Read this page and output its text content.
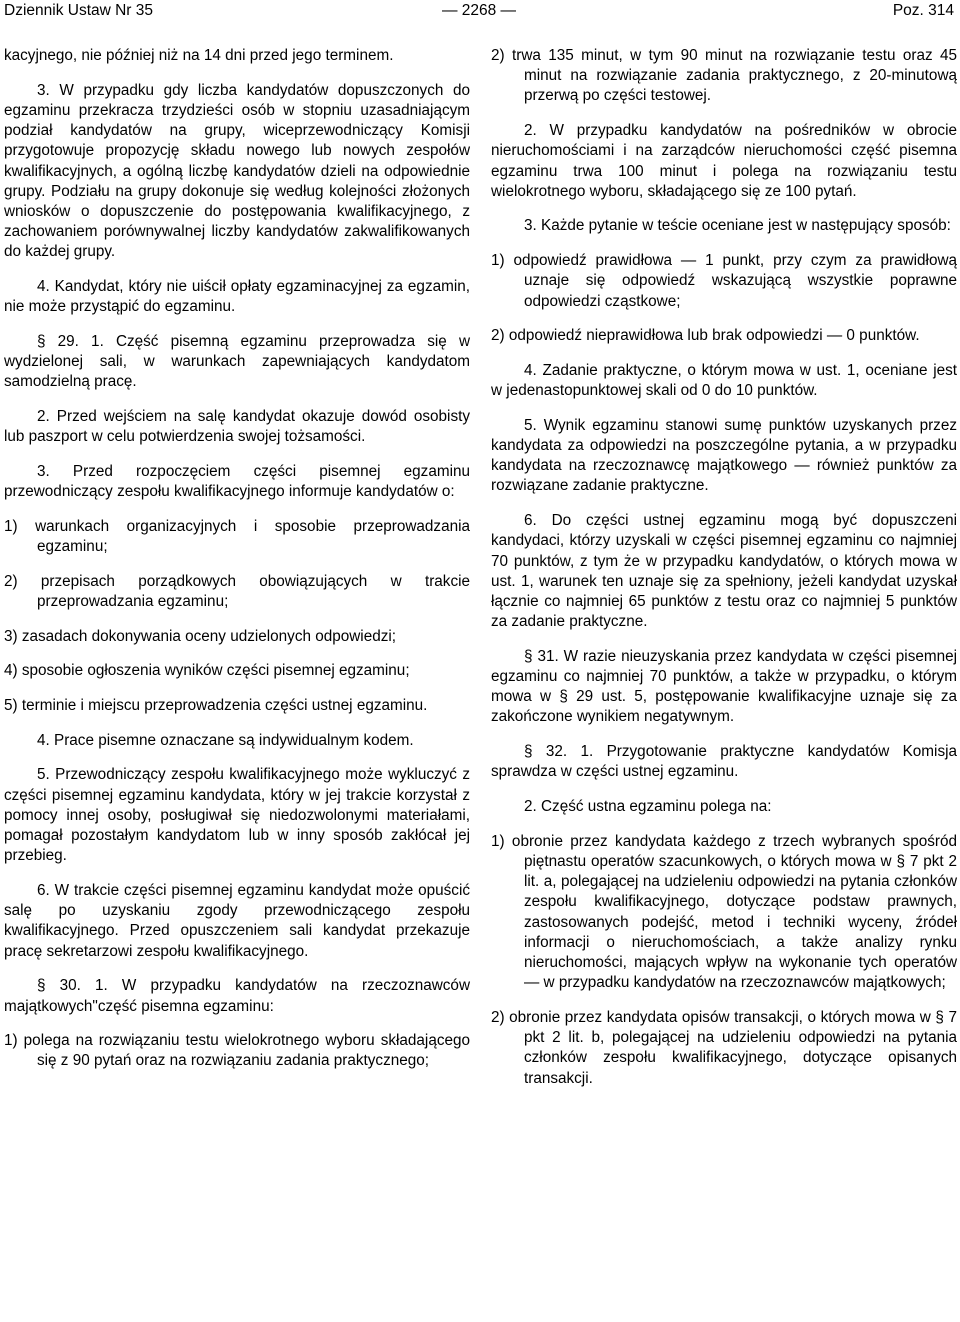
Dziennik Ustaw Nr 35	— 2268 —	Poz. 314

kacyjnego, nie później niż na 14 dni przed jego terminem.

3. W przypadku gdy liczba kandydatów dopuszczonych do egzaminu przekracza trzydzieści osób w stopniu uzasadniającym podział kandydatów na grupy, wiceprzewodniczący Komisji przygotowuje propozycję składu nowego lub nowych zespołów kwalifikacyjnych, a ogólną liczbę kandydatów dzieli na odpowiednie grupy. Podziału na grupy dokonuje się według kolejności złożonych wniosków o dopuszczenie do postępowania kwalifikacyjnego, z zachowaniem porównywalnej liczby kandydatów zakwalifikowanych do każdej grupy.

4. Kandydat, który nie uiścił opłaty egzaminacyjnej za egzamin, nie może przystąpić do egzaminu.

§ 29. 1. Część pisemną egzaminu przeprowadza się w wydzielonej sali, w warunkach zapewniających kandydatom samodzielną pracę.

2. Przed wejściem na salę kandydat okazuje dowód osobisty lub paszport w celu potwierdzenia swojej tożsamości.

3. Przed rozpoczęciem części pisemnej egzaminu przewodniczący zespołu kwalifikacyjnego informuje kandydatów o:

1) warunkach organizacyjnych i sposobie przeprowadzania egzaminu;

2) przepisach porządkowych obowiązujących w trakcie przeprowadzania egzaminu;

3) zasadach dokonywania oceny udzielonych odpowiedzi;

4) sposobie ogłoszenia wyników części pisemnej egzaminu;

5) terminie i miejscu przeprowadzenia części ustnej egzaminu.

4. Prace pisemne oznaczane są indywidualnym kodem.

5. Przewodniczący zespołu kwalifikacyjnego może wykluczyć z części pisemnej egzaminu kandydata, który w jej trakcie korzystał z pomocy innej osoby, posługiwał się niedozwolonymi materiałami, pomagał pozostałym kandydatom lub w inny sposób zakłócał jej przebieg.

6. W trakcie części pisemnej egzaminu kandydat może opuścić salę po uzyskaniu zgody przewodniczącego zespołu kwalifikacyjnego. Przed opuszczeniem sali kandydat przekazuje pracę sekretarzowi zespołu kwalifikacyjnego.

§ 30. 1. W przypadku kandydatów na rzeczoznawców majątkowych"część pisemna egzaminu:

1) polega na rozwiązaniu testu wielokrotnego wyboru składającego się z 90 pytań oraz na rozwiązaniu zadania praktycznego;

2) trwa 135 minut, w tym 90 minut na rozwiązanie testu oraz 45 minut na rozwiązanie zadania praktycznego, z 20-minutową przerwą po części testowej.

2. W przypadku kandydatów na pośredników w obrocie nieruchomościami i na zarządców nieruchomości część pisemna egzaminu trwa 100 minut i polega na rozwiązaniu testu wielokrotnego wyboru, składającego się ze 100 pytań.

3. Każde pytanie w teście oceniane jest w następujący sposób:

1) odpowiedź prawidłowa — 1 punkt, przy czym za prawidłową uznaje się odpowiedź wskazującą wszystkie poprawne odpowiedzi cząstkowe;

2) odpowiedź nieprawidłowa lub brak odpowiedzi — 0 punktów.

4. Zadanie praktyczne, o którym mowa w ust. 1, oceniane jest w jedenastopunktowej skali od 0 do 10 punktów.

5. Wynik egzaminu stanowi sumę punktów uzyskanych przez kandydata za odpowiedzi na poszczególne pytania, a w przypadku kandydata na rzeczoznawcę majątkowego — również punktów za rozwiązane zadanie praktyczne.

6. Do części ustnej egzaminu mogą być dopuszczeni kandydaci, którzy uzyskali w części pisemnej egzaminu co najmniej 70 punktów, z tym że w przypadku kandydatów, o których mowa w ust. 1, warunek ten uznaje się za spełniony, jeżeli kandydat uzyskał łącznie co najmniej 65 punktów z testu oraz co najmniej 5 punktów za zadanie praktyczne.

§ 31. W razie nieuzyskania przez kandydata w części pisemnej egzaminu co najmniej 70 punktów, a także w przypadku, o którym mowa w § 29 ust. 5, postępowanie kwalifikacyjne uznaje się za zakończone wynikiem negatywnym.

§ 32. 1. Przygotowanie praktyczne kandydatów Komisja sprawdza w części ustnej egzaminu.

2. Część ustna egzaminu polega na:

1) obronie przez kandydata każdego z trzech wybranych spośród piętnastu operatów szacunkowych, o których mowa w § 7 pkt 2 lit. a, polegającej na udzieleniu odpowiedzi na pytania członków zespołu kwalifikacyjnego, dotyczące podstaw prawnych, zastosowanych podejść, metod i techniki wyceny, źródeł informacji o nieruchomościach, a także analizy rynku nieruchomości, mających wpływ na wykonanie tych operatów — w przypadku kandydatów na rzeczoznawców majątkowych;

2) obronie przez kandydata opisów transakcji, o których mowa w § 7 pkt 2 lit. b, polegającej na udzieleniu odpowiedzi na pytania członków zespołu kwalifikacyjnego, dotyczące opisanych transakcji.
